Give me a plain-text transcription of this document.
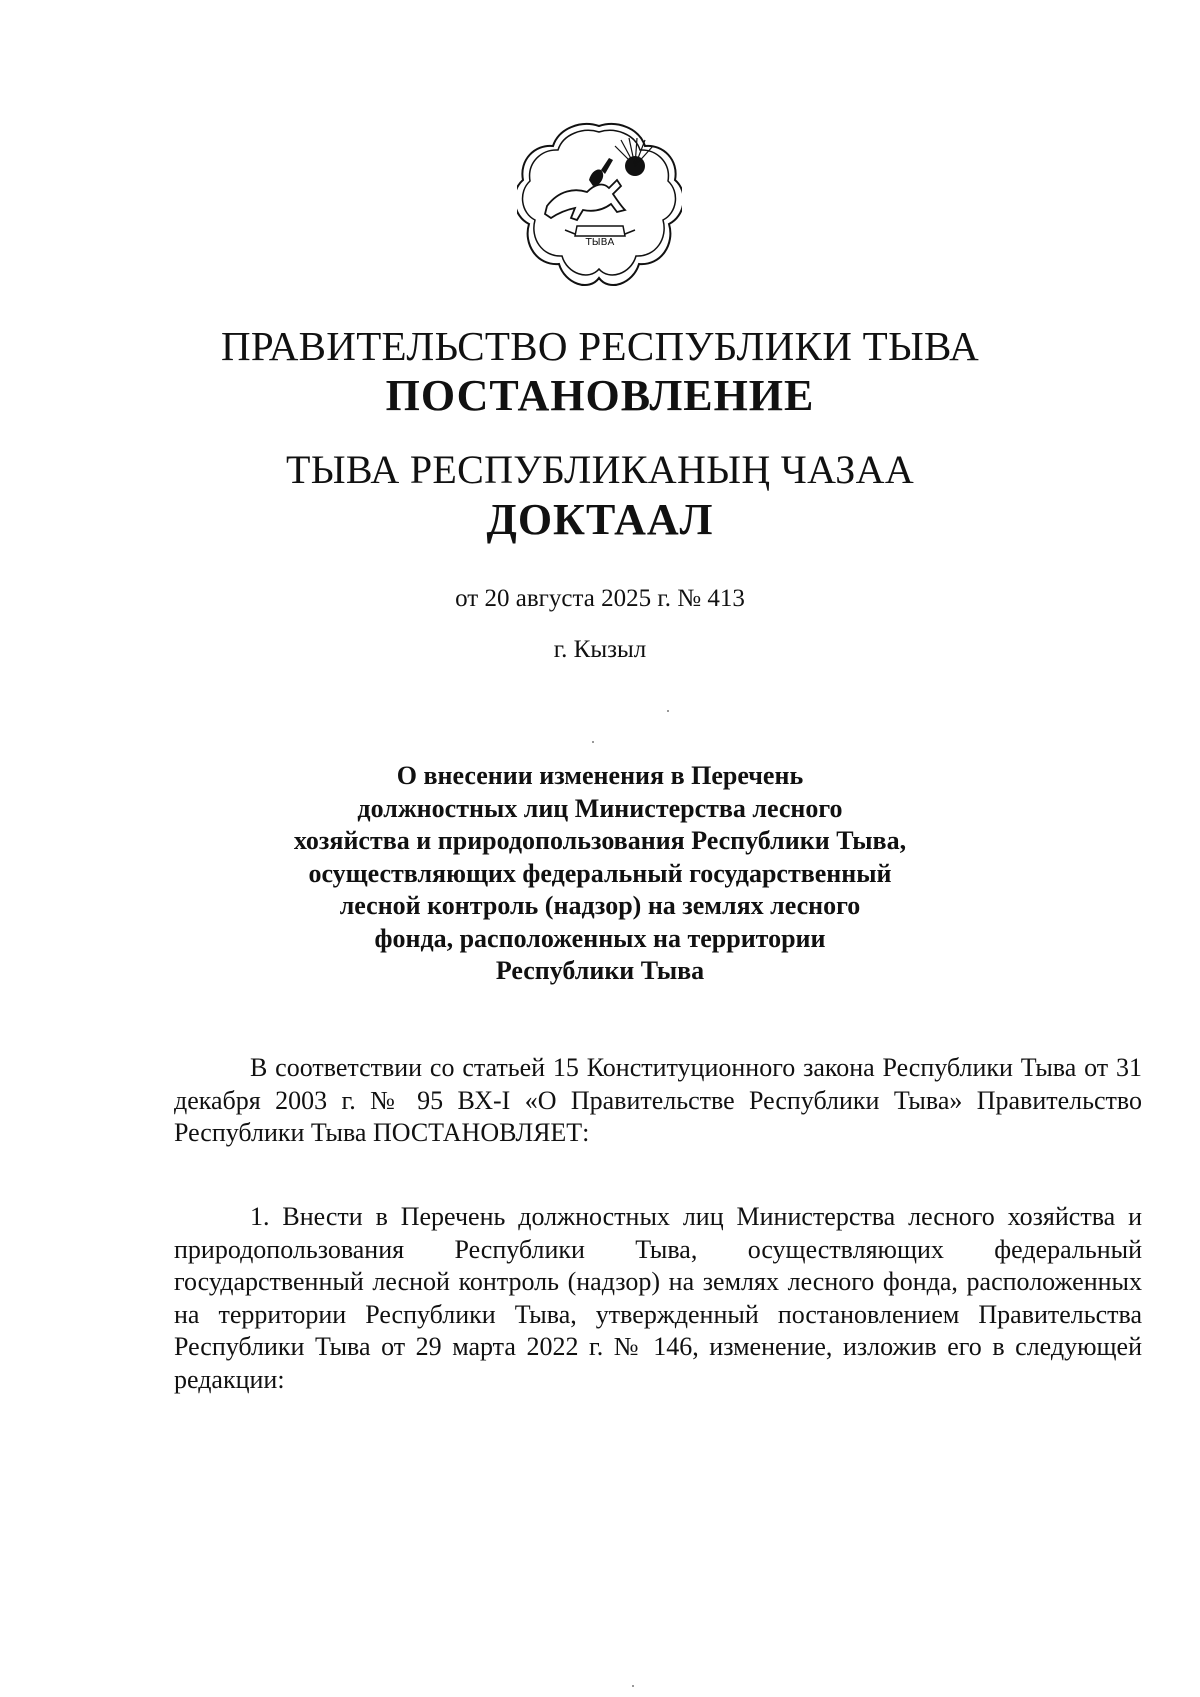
ТЫВА
ПРАВИТЕЛЬСТВО РЕСПУБЛИКИ ТЫВА
ПОСТАНОВЛЕНИЕ
ТЫВА РЕСПУБЛИКАНЫҢ ЧАЗАА
ДОКТААЛ
от 20 августа 2025 г. № 413
г. Кызыл
О внесении изменения в Перечень
должностных лиц Министерства лесного
хозяйства и природопользования Республики Тыва,
осуществляющих федеральный государственный
лесной контроль (надзор) на землях лесного
фонда, расположенных на территории
Республики Тыва

В соответствии со статьей 15 Конституционного закона Республики Тыва от 31 декабря 2003 г. № 95 ВХ-I «О Правительстве Республики Тыва» Правительство Республики Тыва ПОСТАНОВЛЯЕТ:

1. Внести в Перечень должностных лиц Министерства лесного хозяйства и природопользования Республики Тыва, осуществляющих федеральный государственный лесной контроль (надзор) на землях лесного фонда, расположенных на территории Республики Тыва, утвержденный постановлением Правительства Республики Тыва от 29 марта 2022 г. № 146, изменение, изложив его в следующей редакции:
